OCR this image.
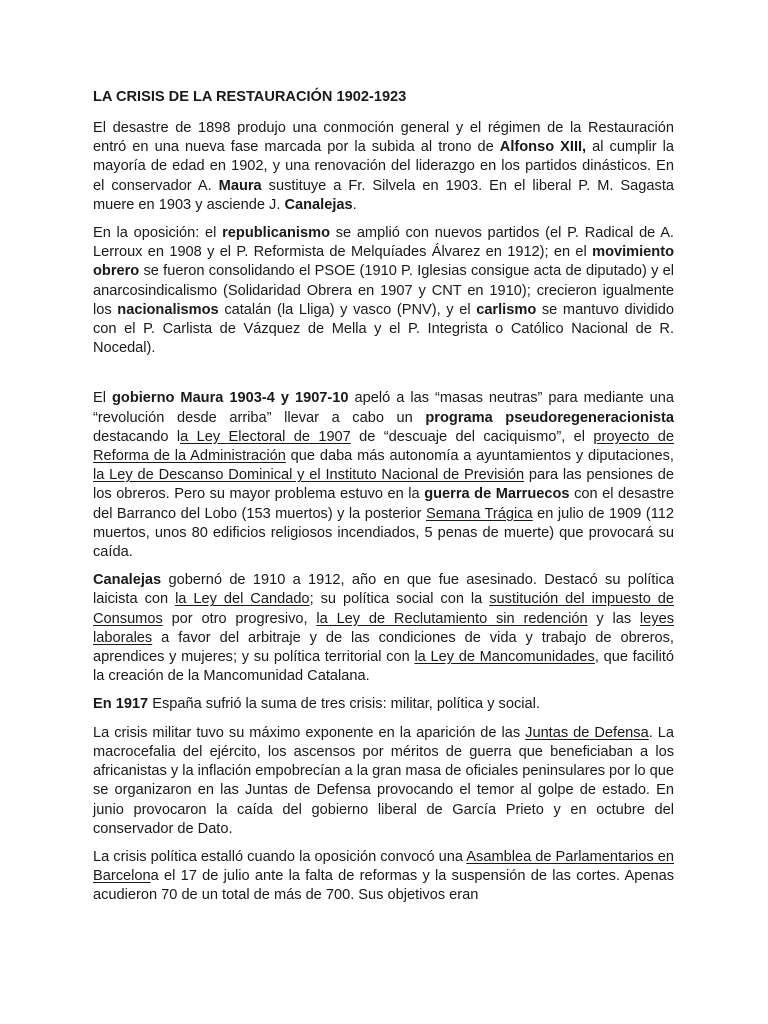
LA CRISIS DE LA RESTAURACIÓN 1902-1923
El desastre de 1898 produjo una conmoción general y el régimen de la Restauración entró en una nueva fase marcada por la subida al trono de Alfonso XIII, al cumplir la mayoría de edad en 1902, y una renovación del liderazgo en los partidos dinásticos. En el conservador A. Maura sustituye a Fr. Silvela en 1903. En el liberal P. M. Sagasta muere en 1903 y asciende J. Canalejas.
En la oposición: el republicanismo se amplió con nuevos partidos (el P. Radical de A. Lerroux en 1908 y el P. Reformista de Melquíades Álvarez en 1912); en el movimiento obrero se fueron consolidando el PSOE (1910 P. Iglesias consigue acta de diputado) y el anarcosindicalismo (Solidaridad Obrera en 1907 y CNT en 1910); crecieron igualmente los nacionalismos catalán (la Lliga) y vasco (PNV), y el carlismo se mantuvo dividido con el P. Carlista de Vázquez de Mella y el P. Integrista o Católico Nacional de R. Nocedal).
El gobierno Maura 1903-4 y 1907-10 apeló a las “masas neutras” para mediante una “revolución desde arriba” llevar a cabo un programa pseudoregeneracionista destacando la Ley Electoral de 1907 de “descuaje del caciquismo”, el proyecto de Reforma de la Administración que daba más autonomía a ayuntamientos y diputaciones, la Ley de Descanso Dominical y el Instituto Nacional de Previsión para las pensiones de los obreros. Pero su mayor problema estuvo en la guerra de Marruecos con el desastre del Barranco del Lobo (153 muertos) y la posterior Semana Trágica en julio de 1909 (112 muertos, unos 80 edificios religiosos incendiados, 5 penas de muerte) que provocará su caída.
Canalejas gobernó de 1910 a 1912, año en que fue asesinado. Destacó su política laicista con la Ley del Candado; su política social con la sustitución del impuesto de Consumos por otro progresivo, la Ley de Reclutamiento sin redención y las leyes laborales a favor del arbitraje y de las condiciones de vida y trabajo de obreros, aprendices y mujeres; y su política territorial con la Ley de Mancomunidades, que facilitó la creación de la Mancomunidad Catalana.
En 1917 España sufrió la suma de tres crisis: militar, política y social.
La crisis militar tuvo su máximo exponente en la aparición de las Juntas de Defensa. La macrocefalia del ejército, los ascensos por méritos de guerra que beneficiaban a los africanistas y la inflación empobrecían a la gran masa de oficiales peninsulares por lo que se organizaron en las Juntas de Defensa provocando el temor al golpe de estado. En junio provocaron la caída del gobierno liberal de García Prieto y en octubre del conservador de Dato.
La crisis política estalló cuando la oposición convocó una Asamblea de Parlamentarios en Barcelona el 17 de julio ante la falta de reformas y la suspensión de las cortes. Apenas acudieron 70 de un total de más de 700. Sus objetivos eran
